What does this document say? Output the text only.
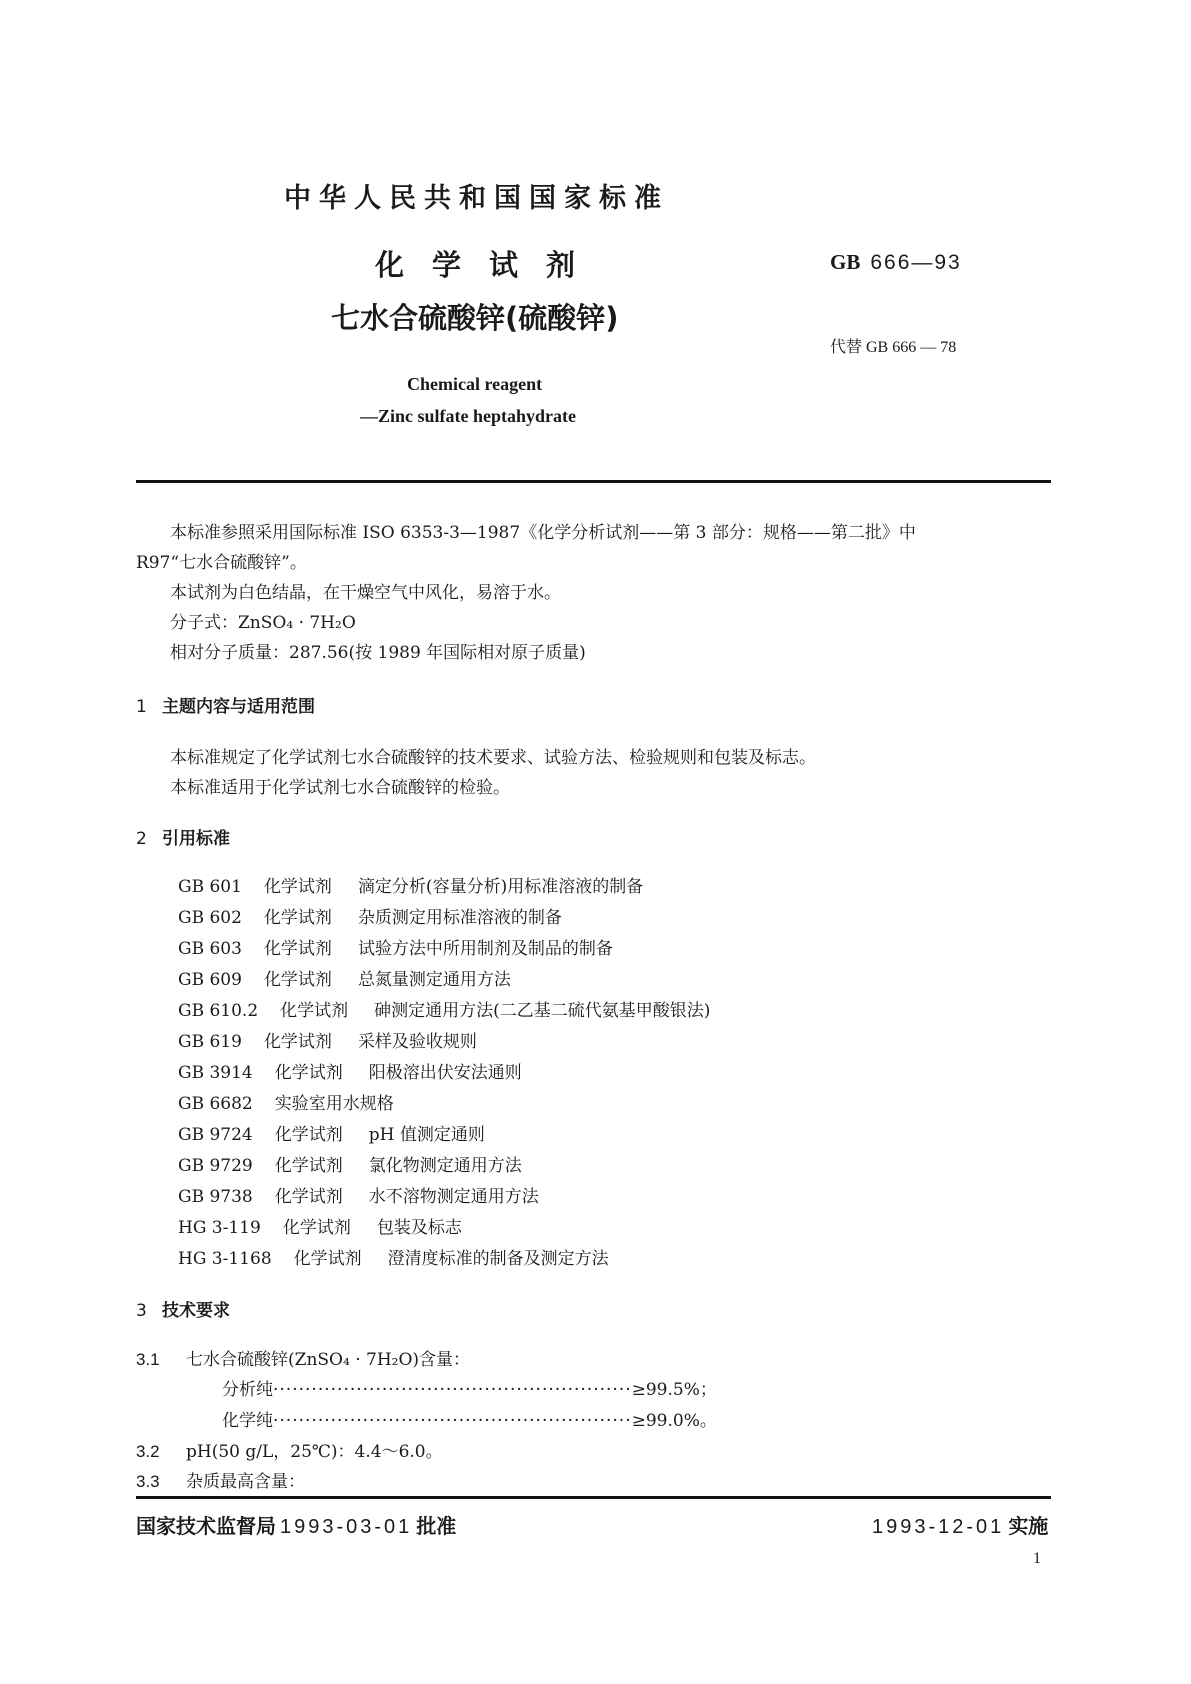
中华人民共和国国家标准
化学试剂
七水合硫酸锌(硫酸锌)
GB 666—93
代替 GB 666 — 78
Chemical reagent
—Zinc sulfate heptahydrate
本标准参照采用国际标准 ISO 6353-3—1987《化学分析试剂——第 3 部分：规格——第二批》中
R97“七水合硫酸锌”。
本试剂为白色结晶，在干燥空气中风化，易溶于水。
分子式：ZnSO₄ · 7H₂O
相对分子质量：287.56(按 1989 年国际相对原子质量)
1 主题内容与适用范围
本标准规定了化学试剂七水合硫酸锌的技术要求、试验方法、检验规则和包装及标志。
本标准适用于化学试剂七水合硫酸锌的检验。
2 引用标准
GB 601 化学试剂 滴定分析(容量分析)用标准溶液的制备
GB 602 化学试剂 杂质测定用标准溶液的制备
GB 603 化学试剂 试验方法中所用制剂及制品的制备
GB 609 化学试剂 总氮量测定通用方法
GB 610.2 化学试剂 砷测定通用方法(二乙基二硫代氨基甲酸银法)
GB 619 化学试剂 采样及验收规则
GB 3914 化学试剂 阳极溶出伏安法通则
GB 6682 实验室用水规格
GB 9724 化学试剂 pH 值测定通则
GB 9729 化学试剂 氯化物测定通用方法
GB 9738 化学试剂 水不溶物测定通用方法
HG 3-119 化学试剂 包装及标志
HG 3-1168 化学试剂 澄清度标准的制备及测定方法
3 技术要求
3.1 七水合硫酸锌(ZnSO₄ · 7H₂O)含量：
分析纯························································≥99.5%；
化学纯························································≥99.0%。
3.2 pH(50 g/L，25℃)：4.4～6.0。
3.3 杂质最高含量：
国家技术监督局 1993-03-01 批准	1993-12-01 实施
1
